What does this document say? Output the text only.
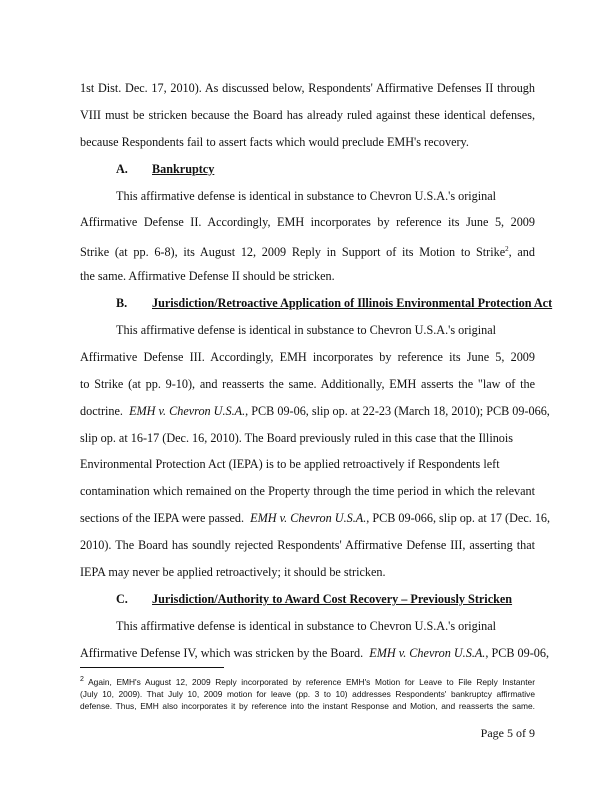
1st Dist. Dec. 17, 2010). As discussed below, Respondents' Affirmative Defenses II through
VIII must be stricken because the Board has already ruled against these identical defenses,
because Respondents fail to assert facts which would preclude EMH's recovery.
A. Bankruptcy
This affirmative defense is identical in substance to Chevron U.S.A.'s original
Affirmative Defense II. Accordingly, EMH incorporates by reference its June 5, 2009
Strike (at pp. 6-8), its August 12, 2009 Reply in Support of its Motion to Strike$^2$, and
the same. Affirmative Defense II should be stricken.
B. Jurisdiction/Retroactive Application of Illinois Environmental Protection Act
This affirmative defense is identical in substance to Chevron U.S.A.'s original
Affirmative Defense III. Accordingly, EMH incorporates by reference its June 5, 2009
to Strike (at pp. 9-10), and reasserts the same. Additionally, EMH asserts the "law of the
doctrine. EMH v. Chevron U.S.A., PCB 09-06, slip op. at 22-23 (March 18, 2010); PCB 09-066,
slip op. at 16-17 (Dec. 16, 2010). The Board previously ruled in this case that the Illinois
Environmental Protection Act (IEPA) is to be applied retroactively if Respondents left
contamination which remained on the Property through the time period in which the relevant
sections of the IEPA were passed. EMH v. Chevron U.S.A., PCB 09-066, slip op. at 17 (Dec. 16,
2010). The Board has soundly rejected Respondents' Affirmative Defense III, asserting that
IEPA may never be applied retroactively; it should be stricken.
C. Jurisdiction/Authority to Award Cost Recovery – Previously Stricken
This affirmative defense is identical in substance to Chevron U.S.A.'s original
Affirmative Defense IV, which was stricken by the Board. EMH v. Chevron U.S.A., PCB 09-06,
$^2$ Again, EMH's August 12, 2009 Reply incorporated by reference EMH's Motion for Leave to File Reply Instanter
(July 10, 2009). That July 10, 2009 motion for leave (pp. 3 to 10) addresses Respondents' bankruptcy affirmative
defense. Thus, EMH also incorporates it by reference into the instant Response and Motion, and reasserts the same.
Page 5 of 9
